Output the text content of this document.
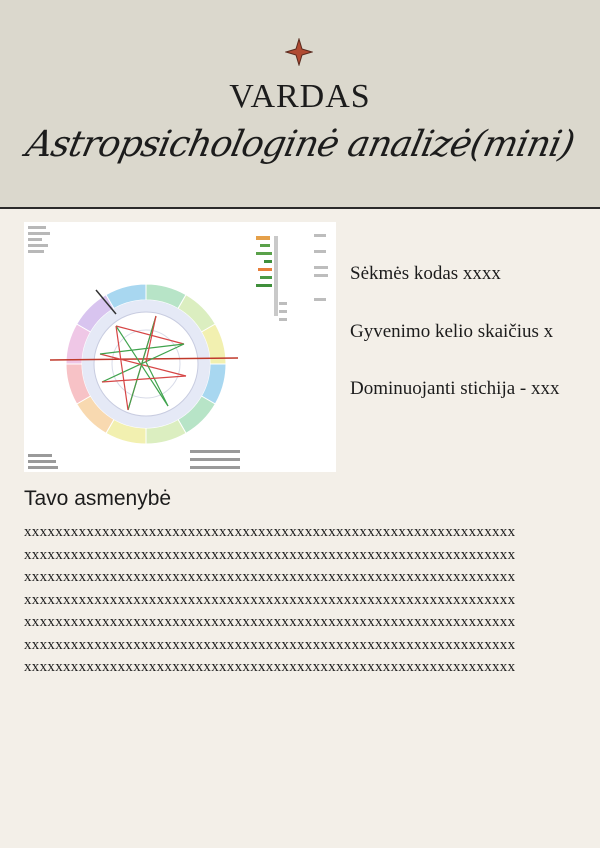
VARDAS
Astropsichologinė analizė(mini)
Sėkmės kodas xxxx
Gyvenimo kelio skaičius x
Dominuojanti stichija - xxx
Tavo asmenybė
xxxxxxxxxxxxxxxxxxxxxxxxxxxxxxxxxxxxxxxxxxxxxxxxxxxxxxxxxxxxxxx
xxxxxxxxxxxxxxxxxxxxxxxxxxxxxxxxxxxxxxxxxxxxxxxxxxxxxxxxxxxxxxx
xxxxxxxxxxxxxxxxxxxxxxxxxxxxxxxxxxxxxxxxxxxxxxxxxxxxxxxxxxxxxxx
xxxxxxxxxxxxxxxxxxxxxxxxxxxxxxxxxxxxxxxxxxxxxxxxxxxxxxxxxxxxxxx
xxxxxxxxxxxxxxxxxxxxxxxxxxxxxxxxxxxxxxxxxxxxxxxxxxxxxxxxxxxxxxx
xxxxxxxxxxxxxxxxxxxxxxxxxxxxxxxxxxxxxxxxxxxxxxxxxxxxxxxxxxxxxxx
xxxxxxxxxxxxxxxxxxxxxxxxxxxxxxxxxxxxxxxxxxxxxxxxxxxxxxxxxxxxxxx
